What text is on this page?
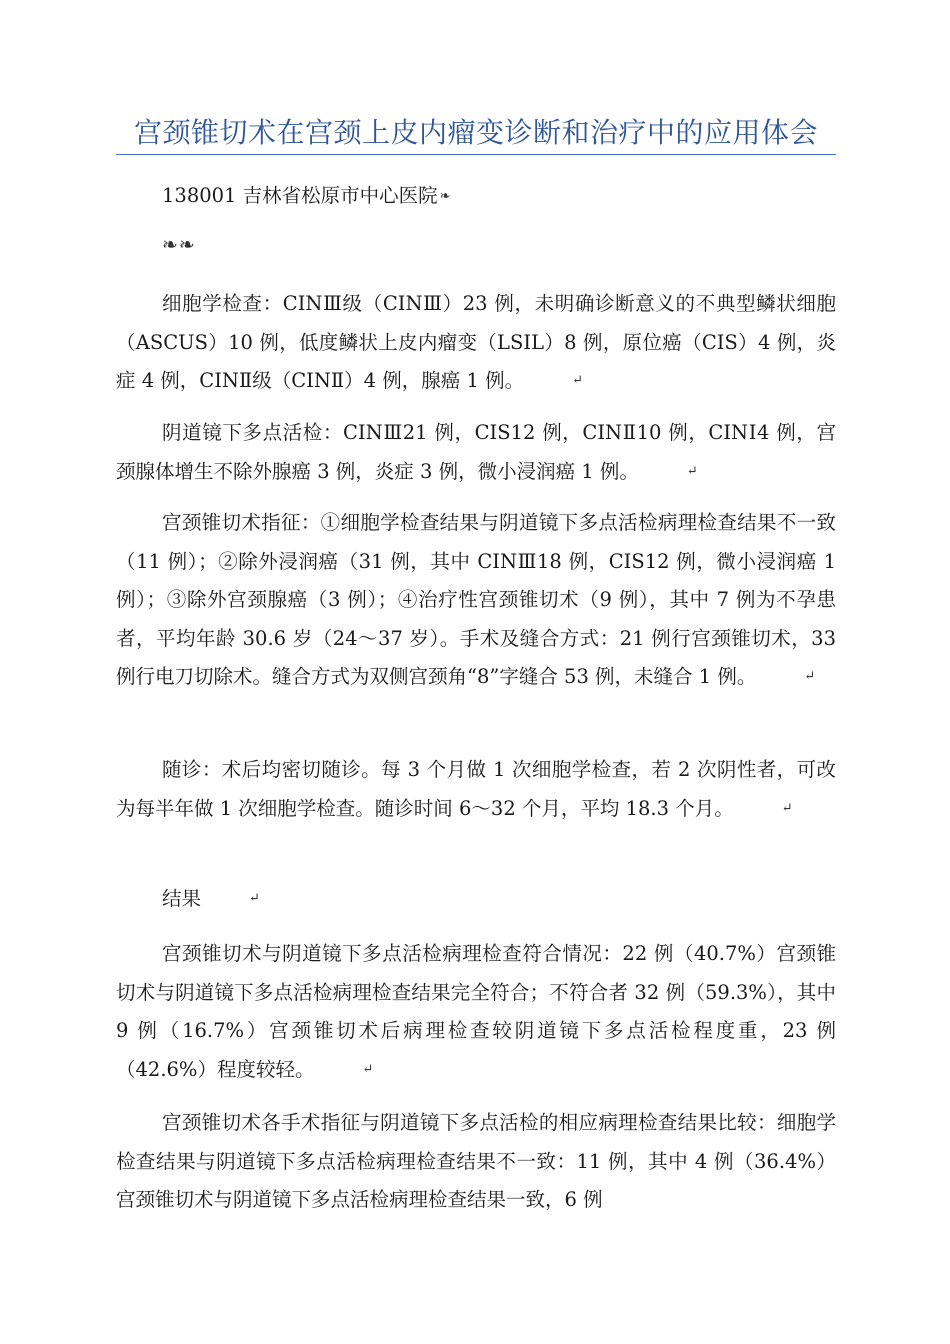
宫颈锥切术在宫颈上皮内瘤变诊断和治疗中的应用体会
138001 吉林省松原市中心医院 ❧
❧❧

细胞学检查：CINⅢ级（CINⅢ）23 例，未明确诊断意义的不典型鳞状细胞（ASCUS）10 例，低度鳞状上皮内瘤变（LSIL）8 例，原位癌（CIS）4 例，炎症 4 例，CINⅡ级（CINⅡ）4 例，腺癌 1 例。	↵

阴道镜下多点活检：CINⅢ21 例，CIS12 例，CINⅡ10 例，CINⅠ4 例，宫颈腺体增生不除外腺癌 3 例，炎症 3 例，微小浸润癌 1 例。	↵

宫颈锥切术指征：①细胞学检查结果与阴道镜下多点活检病理检查结果不一致（11 例）；②除外浸润癌（31 例，其中 CINⅢ18 例，CIS12 例，微小浸润癌 1 例）；③除外宫颈腺癌（3 例）；④治疗性宫颈锥切术（9 例），其中 7 例为不孕患者，平均年龄 30.6 岁（24～37 岁）。手术及缝合方式：21 例行宫颈锥切术，33 例行电刀切除术。缝合方式为双侧宫颈角“8”字缝合 53 例，未缝合 1 例。	↵

随诊：术后均密切随诊。每 3 个月做 1 次细胞学检查，若 2 次阴性者，可改为每半年做 1 次细胞学检查。随诊时间 6～32 个月，平均 18.3 个月。	↵

结果	↵

宫颈锥切术与阴道镜下多点活检病理检查符合情况：22 例（40.7%）宫颈锥切术与阴道镜下多点活检病理检查结果完全符合；不符合者 32 例（59.3%），其中 9 例（16.7%）宫颈锥切术后病理检查较阴道镜下多点活检程度重，23 例（42.6%）程度较轻。	↵

宫颈锥切术各手术指征与阴道镜下多点活检的相应病理检查结果比较：细胞学检查结果与阴道镜下多点活检病理检查结果不一致：11 例，其中 4 例（36.4%）宫颈锥切术与阴道镜下多点活检病理检查结果一致，6 例
